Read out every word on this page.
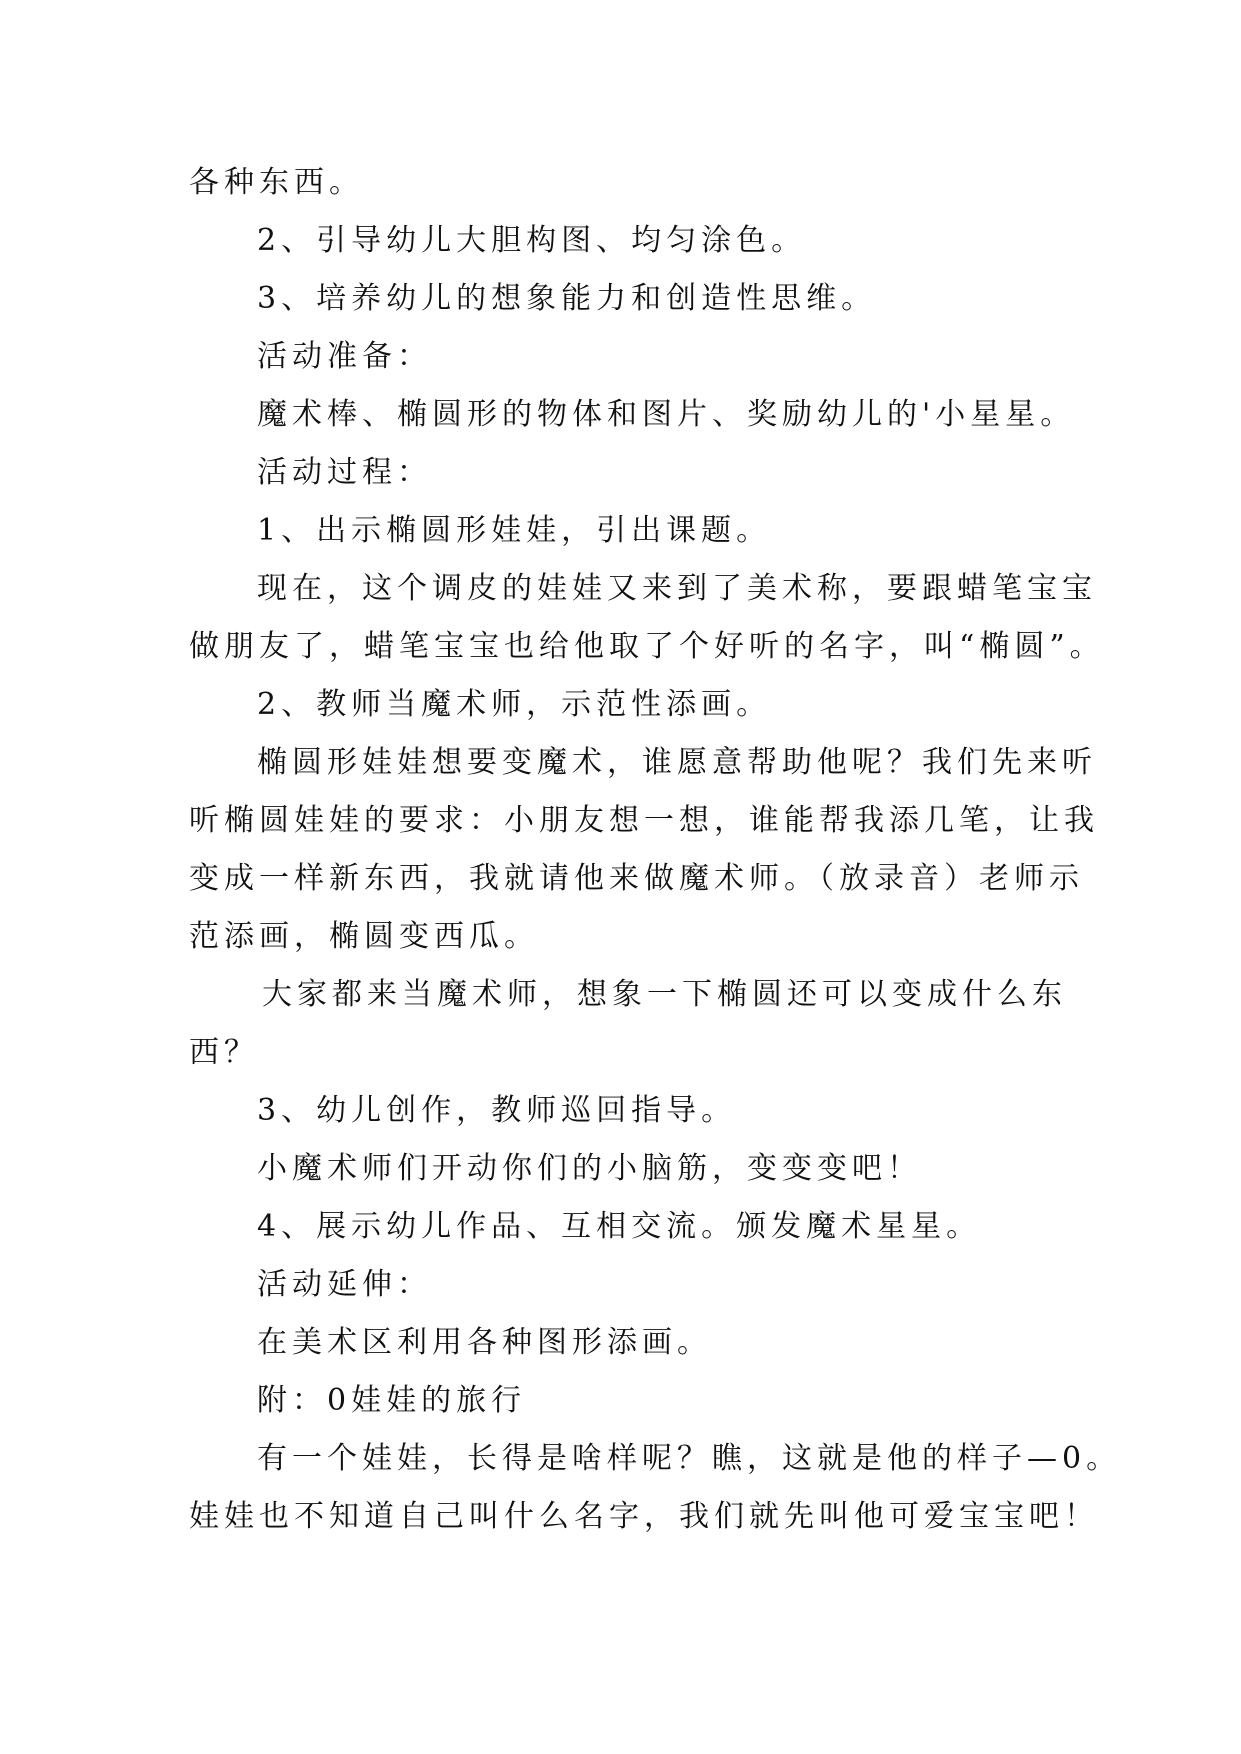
各种东西。
2、引导幼儿大胆构图、均匀涂色。
3、培养幼儿的想象能力和创造性思维。
活动准备：
魔术棒、椭圆形的物体和图片、奖励幼儿的'小星星。
活动过程：
1、出示椭圆形娃娃，引出课题。
现在，这个调皮的娃娃又来到了美术称，要跟蜡笔宝宝
做朋友了，蜡笔宝宝也给他取了个好听的名字，叫“椭圆”。
2、教师当魔术师，示范性添画。
椭圆形娃娃想要变魔术，谁愿意帮助他呢？我们先来听
听椭圆娃娃的要求：小朋友想一想，谁能帮我添几笔，让我
变成一样新东西，我就请他来做魔术师。（放录音）老师示
范添画，椭圆变西瓜。
大家都来当魔术师，想象一下椭圆还可以变成什么东
西？
3、幼儿创作，教师巡回指导。
小魔术师们开动你们的小脑筋，变变变吧！
4、展示幼儿作品、互相交流。颁发魔术星星。
活动延伸：
在美术区利用各种图形添画。
附：0娃娃的旅行
有一个娃娃，长得是啥样呢？瞧，这就是他的样子—0。
娃娃也不知道自己叫什么名字，我们就先叫他可爱宝宝吧！
